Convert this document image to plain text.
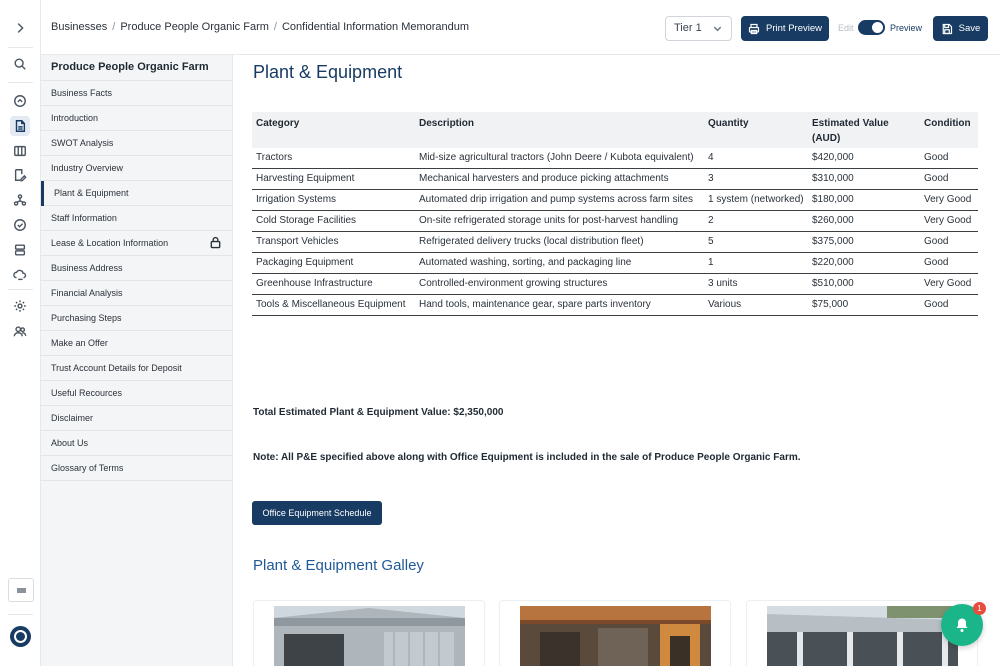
Businesses / Produce People Organic Farm / Confidential Information Memorandum	Tier 1	Print Preview Edit	Preview	Save
Produce People Organic Farm
Business Facts
Introduction
SWOT Analysis
Industry Overview
Plant & Equipment
Staff Information
Lease & Location Information
Business Address
Financial Analysis
Purchasing Steps
Make an Offer
Trust Account Details for Deposit
Useful Recources
Disclaimer
About Us
Glossary of Terms
Plant & Equipment
Category	Description	Quantity	Estimated Value (AUD)	Condition
Tractors	Mid-size agricultural tractors (John Deere / Kubota equivalent)	4	$420,000	Good
Harvesting Equipment	Mechanical harvesters and produce picking attachments	3	$310,000	Good
Irrigation Systems	Automated drip irrigation and pump systems across farm sites	1 system (networked)	$180,000	Very Good
Cold Storage Facilities	On-site refrigerated storage units for post-harvest handling	2	$260,000	Very Good
Transport Vehicles	Refrigerated delivery trucks (local distribution fleet)	5	$375,000	Good
Packaging Equipment	Automated washing, sorting, and packaging line	1	$220,000	Good
Greenhouse Infrastructure	Controlled-environment growing structures	3 units	$510,000	Very Good
Tools & Miscellaneous Equipment	Hand tools, maintenance gear, spare parts inventory	Various	$75,000	Good
Total Estimated Plant & Equipment Value: $2,350,000
Note: All P&E specified above along with Office Equipment is included in the sale of Produce People Organic Farm.
Office Equipment Schedule
Plant & Equipment Galley
1
